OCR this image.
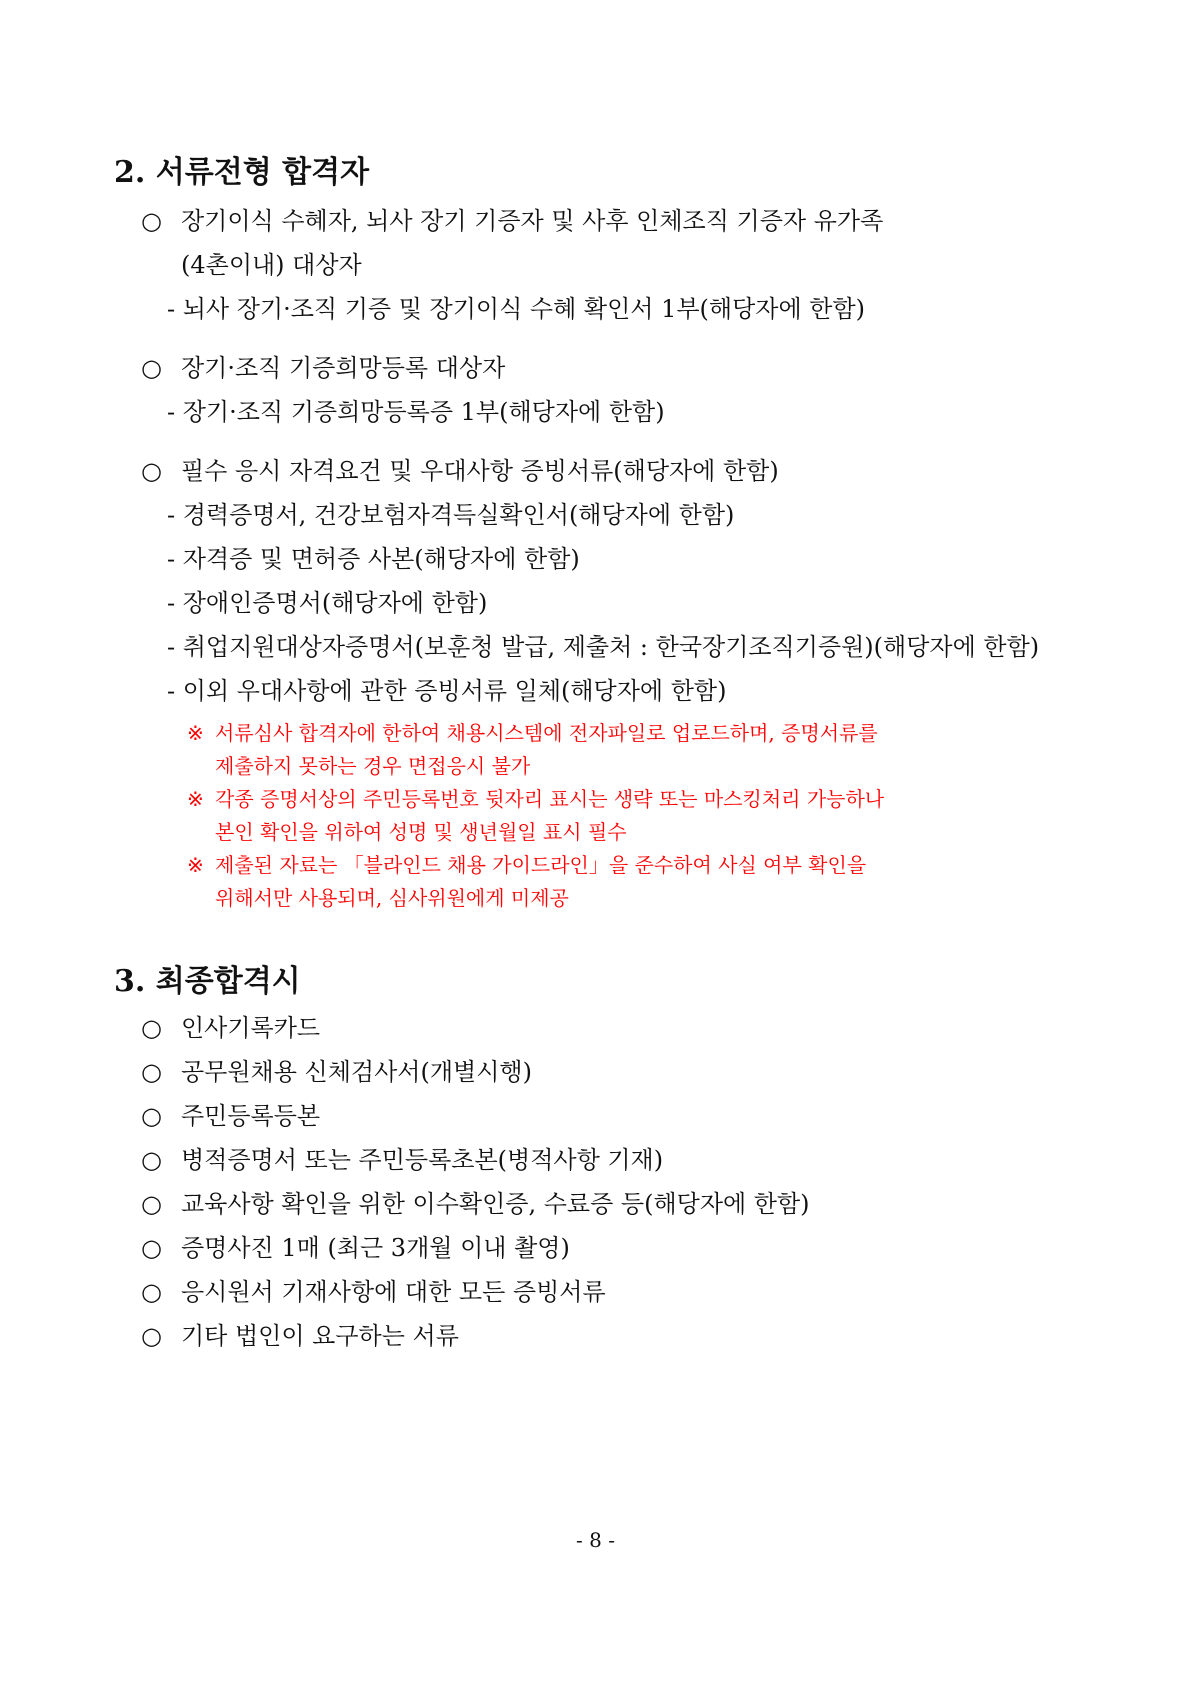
2. 서류전형 합격자
○ 장기이식 수혜자, 뇌사 장기 기증자 및 사후 인체조직 기증자 유가족
(4촌이내) 대상자
- 뇌사 장기·조직 기증 및 장기이식 수혜 확인서 1부(해당자에 한함)
○ 장기·조직 기증희망등록 대상자
- 장기·조직 기증희망등록증 1부(해당자에 한함)
○ 필수 응시 자격요건 및 우대사항 증빙서류(해당자에 한함)
- 경력증명서, 건강보험자격득실확인서(해당자에 한함)
- 자격증 및 면허증 사본(해당자에 한함)
- 장애인증명서(해당자에 한함)
- 취업지원대상자증명서(보훈청 발급, 제출처 : 한국장기조직기증원)(해당자에 한함)
- 이외 우대사항에 관한 증빙서류 일체(해당자에 한함)
※ 서류심사 합격자에 한하여 채용시스템에 전자파일로 업로드하며, 증명서류를
제출하지 못하는 경우 면접응시 불가
※ 각종 증명서상의 주민등록번호 뒷자리 표시는 생략 또는 마스킹처리 가능하나
본인 확인을 위하여 성명 및 생년월일 표시 필수
※ 제출된 자료는 「블라인드 채용 가이드라인」을 준수하여 사실 여부 확인을
위해서만 사용되며, 심사위원에게 미제공
3. 최종합격시
○ 인사기록카드
○ 공무원채용 신체검사서(개별시행)
○ 주민등록등본
○ 병적증명서 또는 주민등록초본(병적사항 기재)
○ 교육사항 확인을 위한 이수확인증, 수료증 등(해당자에 한함)
○ 증명사진 1매 (최근 3개월 이내 촬영)
○ 응시원서 기재사항에 대한 모든 증빙서류
○ 기타 법인이 요구하는 서류
- 8 -
